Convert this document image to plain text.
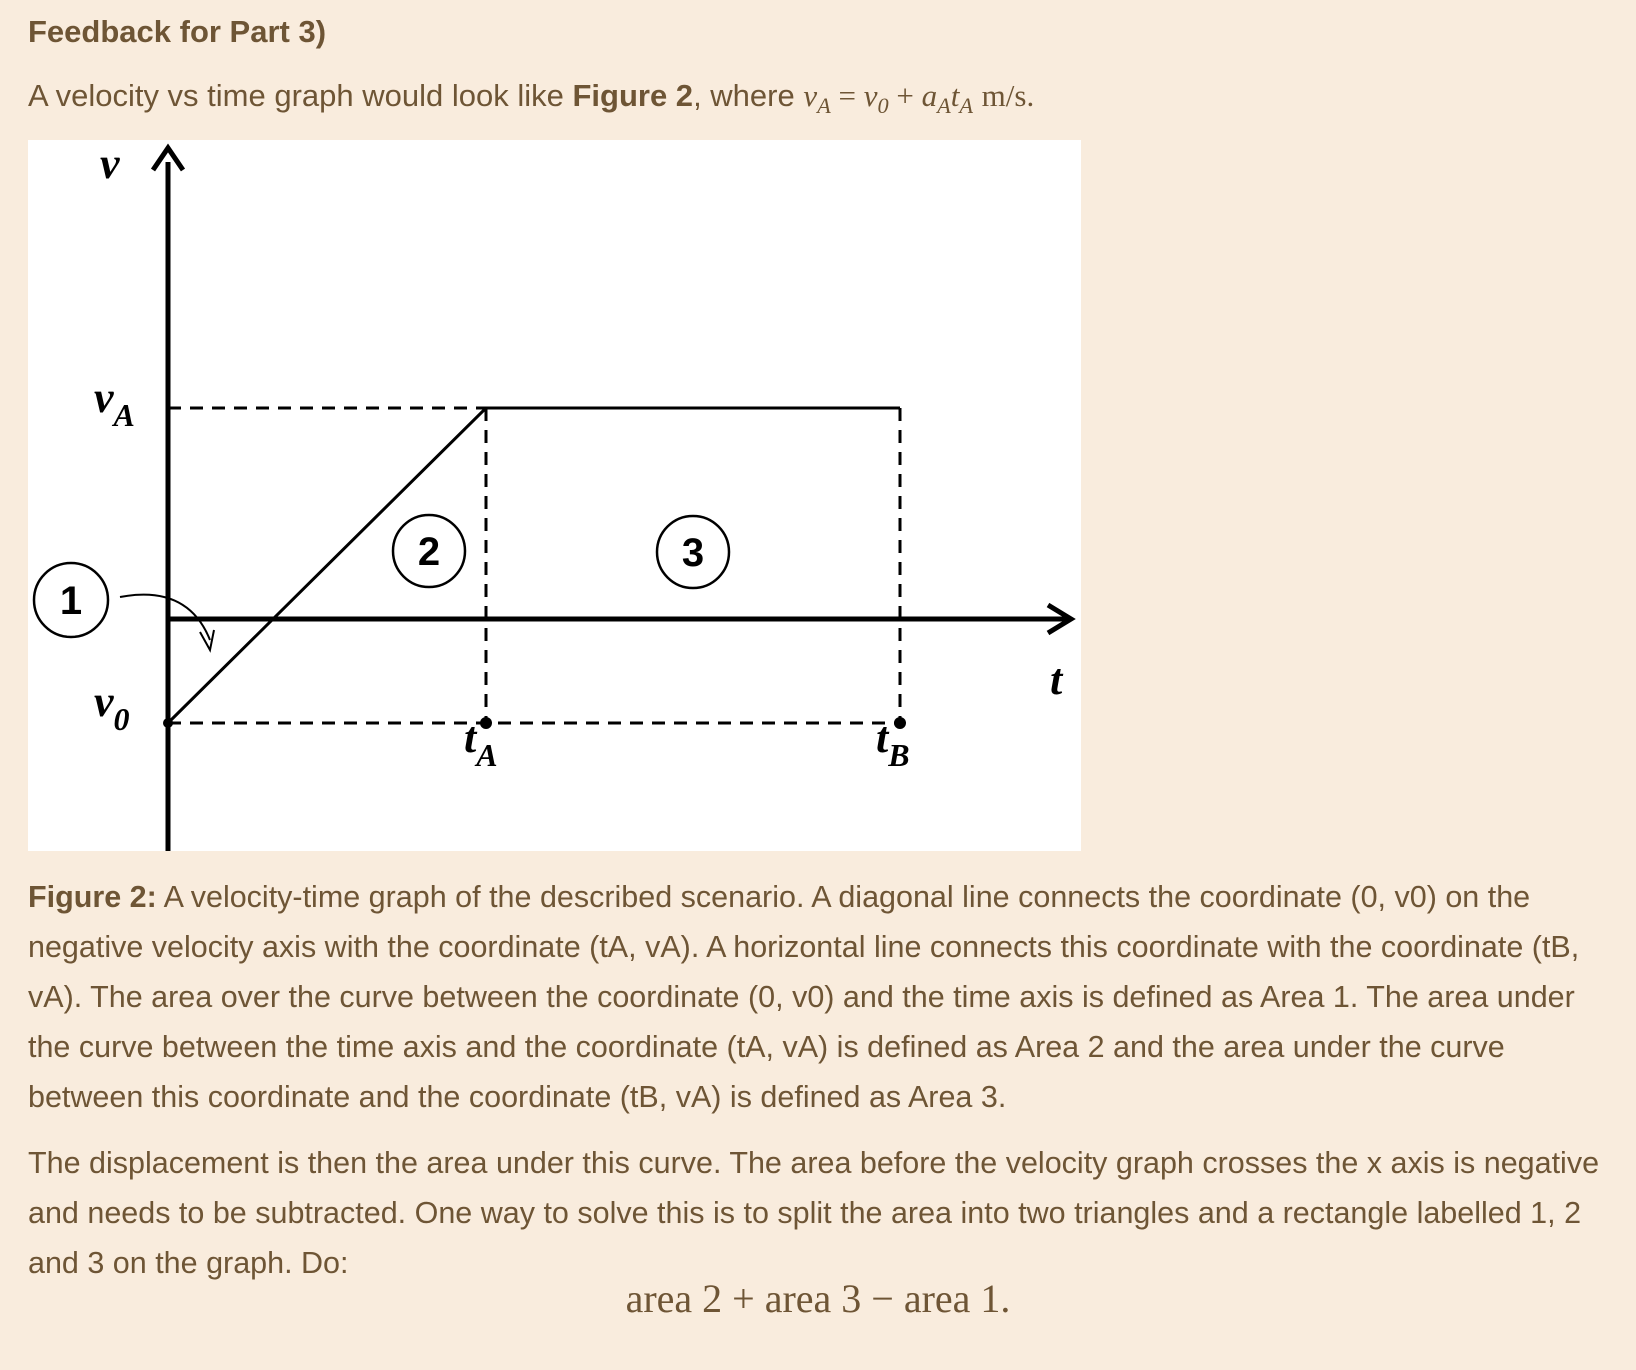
Feedback for Part 3)
A velocity vs time graph would look like Figure 2, where $v_A = v_0 + a_At_A$ m/s.
v
t
$v_A$
$v_0$	$t_A$	$t_B$
1
2	3
Figure 2: A velocity-time graph of the described scenario. A diagonal line connects the coordinate (0, v0) on the negative velocity axis with the coordinate (tA, vA). A horizontal line connects this coordinate with the coordinate (tB, vA). The area over the curve between the coordinate (0, v0) and the time axis is defined as Area 1. The area under the curve between the time axis and the coordinate (tA, vA) is defined as Area 2 and the area under the curve between this coordinate and the coordinate (tB, vA) is defined as Area 3.
The displacement is then the area under this curve. The area before the velocity graph crosses the x axis is negative and needs to be subtracted. One way to solve this is to split the area into two triangles and a rectangle labelled 1, 2 and 3 on the graph. Do:
area 2 + area 3 − area 1.
